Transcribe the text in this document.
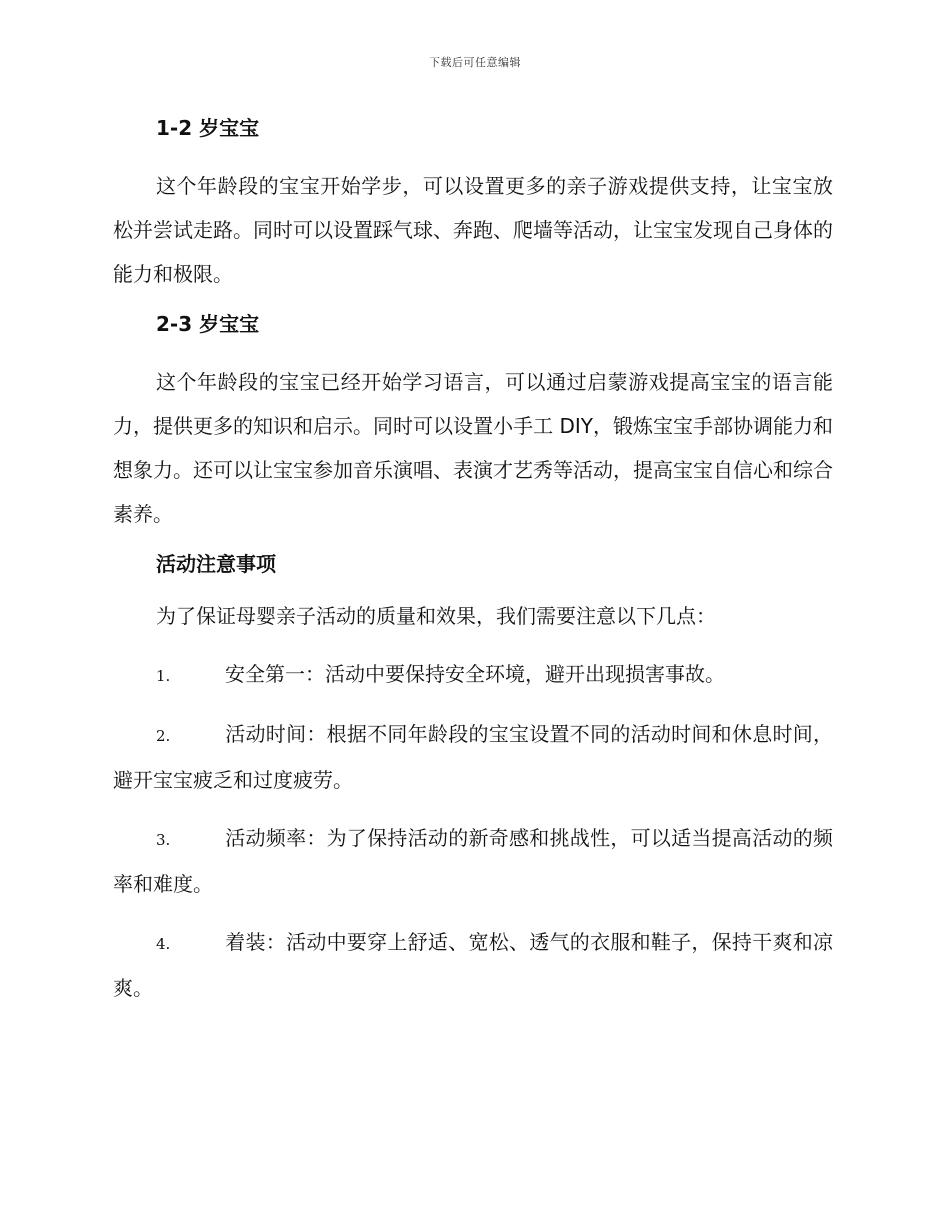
下载后可任意编辑
1-2 岁宝宝

这个年龄段的宝宝开始学步，可以设置更多的亲子游戏提供支持，让宝宝放松并尝试走路。同时可以设置踩气球、奔跑、爬墙等活动，让宝宝发现自己身体的能力和极限。

2-3 岁宝宝

这个年龄段的宝宝已经开始学习语言，可以通过启蒙游戏提高宝宝的语言能力，提供更多的知识和启示。同时可以设置小手工 DIY，锻炼宝宝手部协调能力和想象力。还可以让宝宝参加音乐演唱、表演才艺秀等活动，提高宝宝自信心和综合素养。

活动注意事项

为了保证母婴亲子活动的质量和效果，我们需要注意以下几点：

1.	安全第一：活动中要保持安全环境，避开出现损害事故。

2.	活动时间：根据不同年龄段的宝宝设置不同的活动时间和休息时间，避开宝宝疲乏和过度疲劳。

3.	活动频率：为了保持活动的新奇感和挑战性，可以适当提高活动的频率和难度。

4.	着装：活动中要穿上舒适、宽松、透气的衣服和鞋子，保持干爽和凉爽。
